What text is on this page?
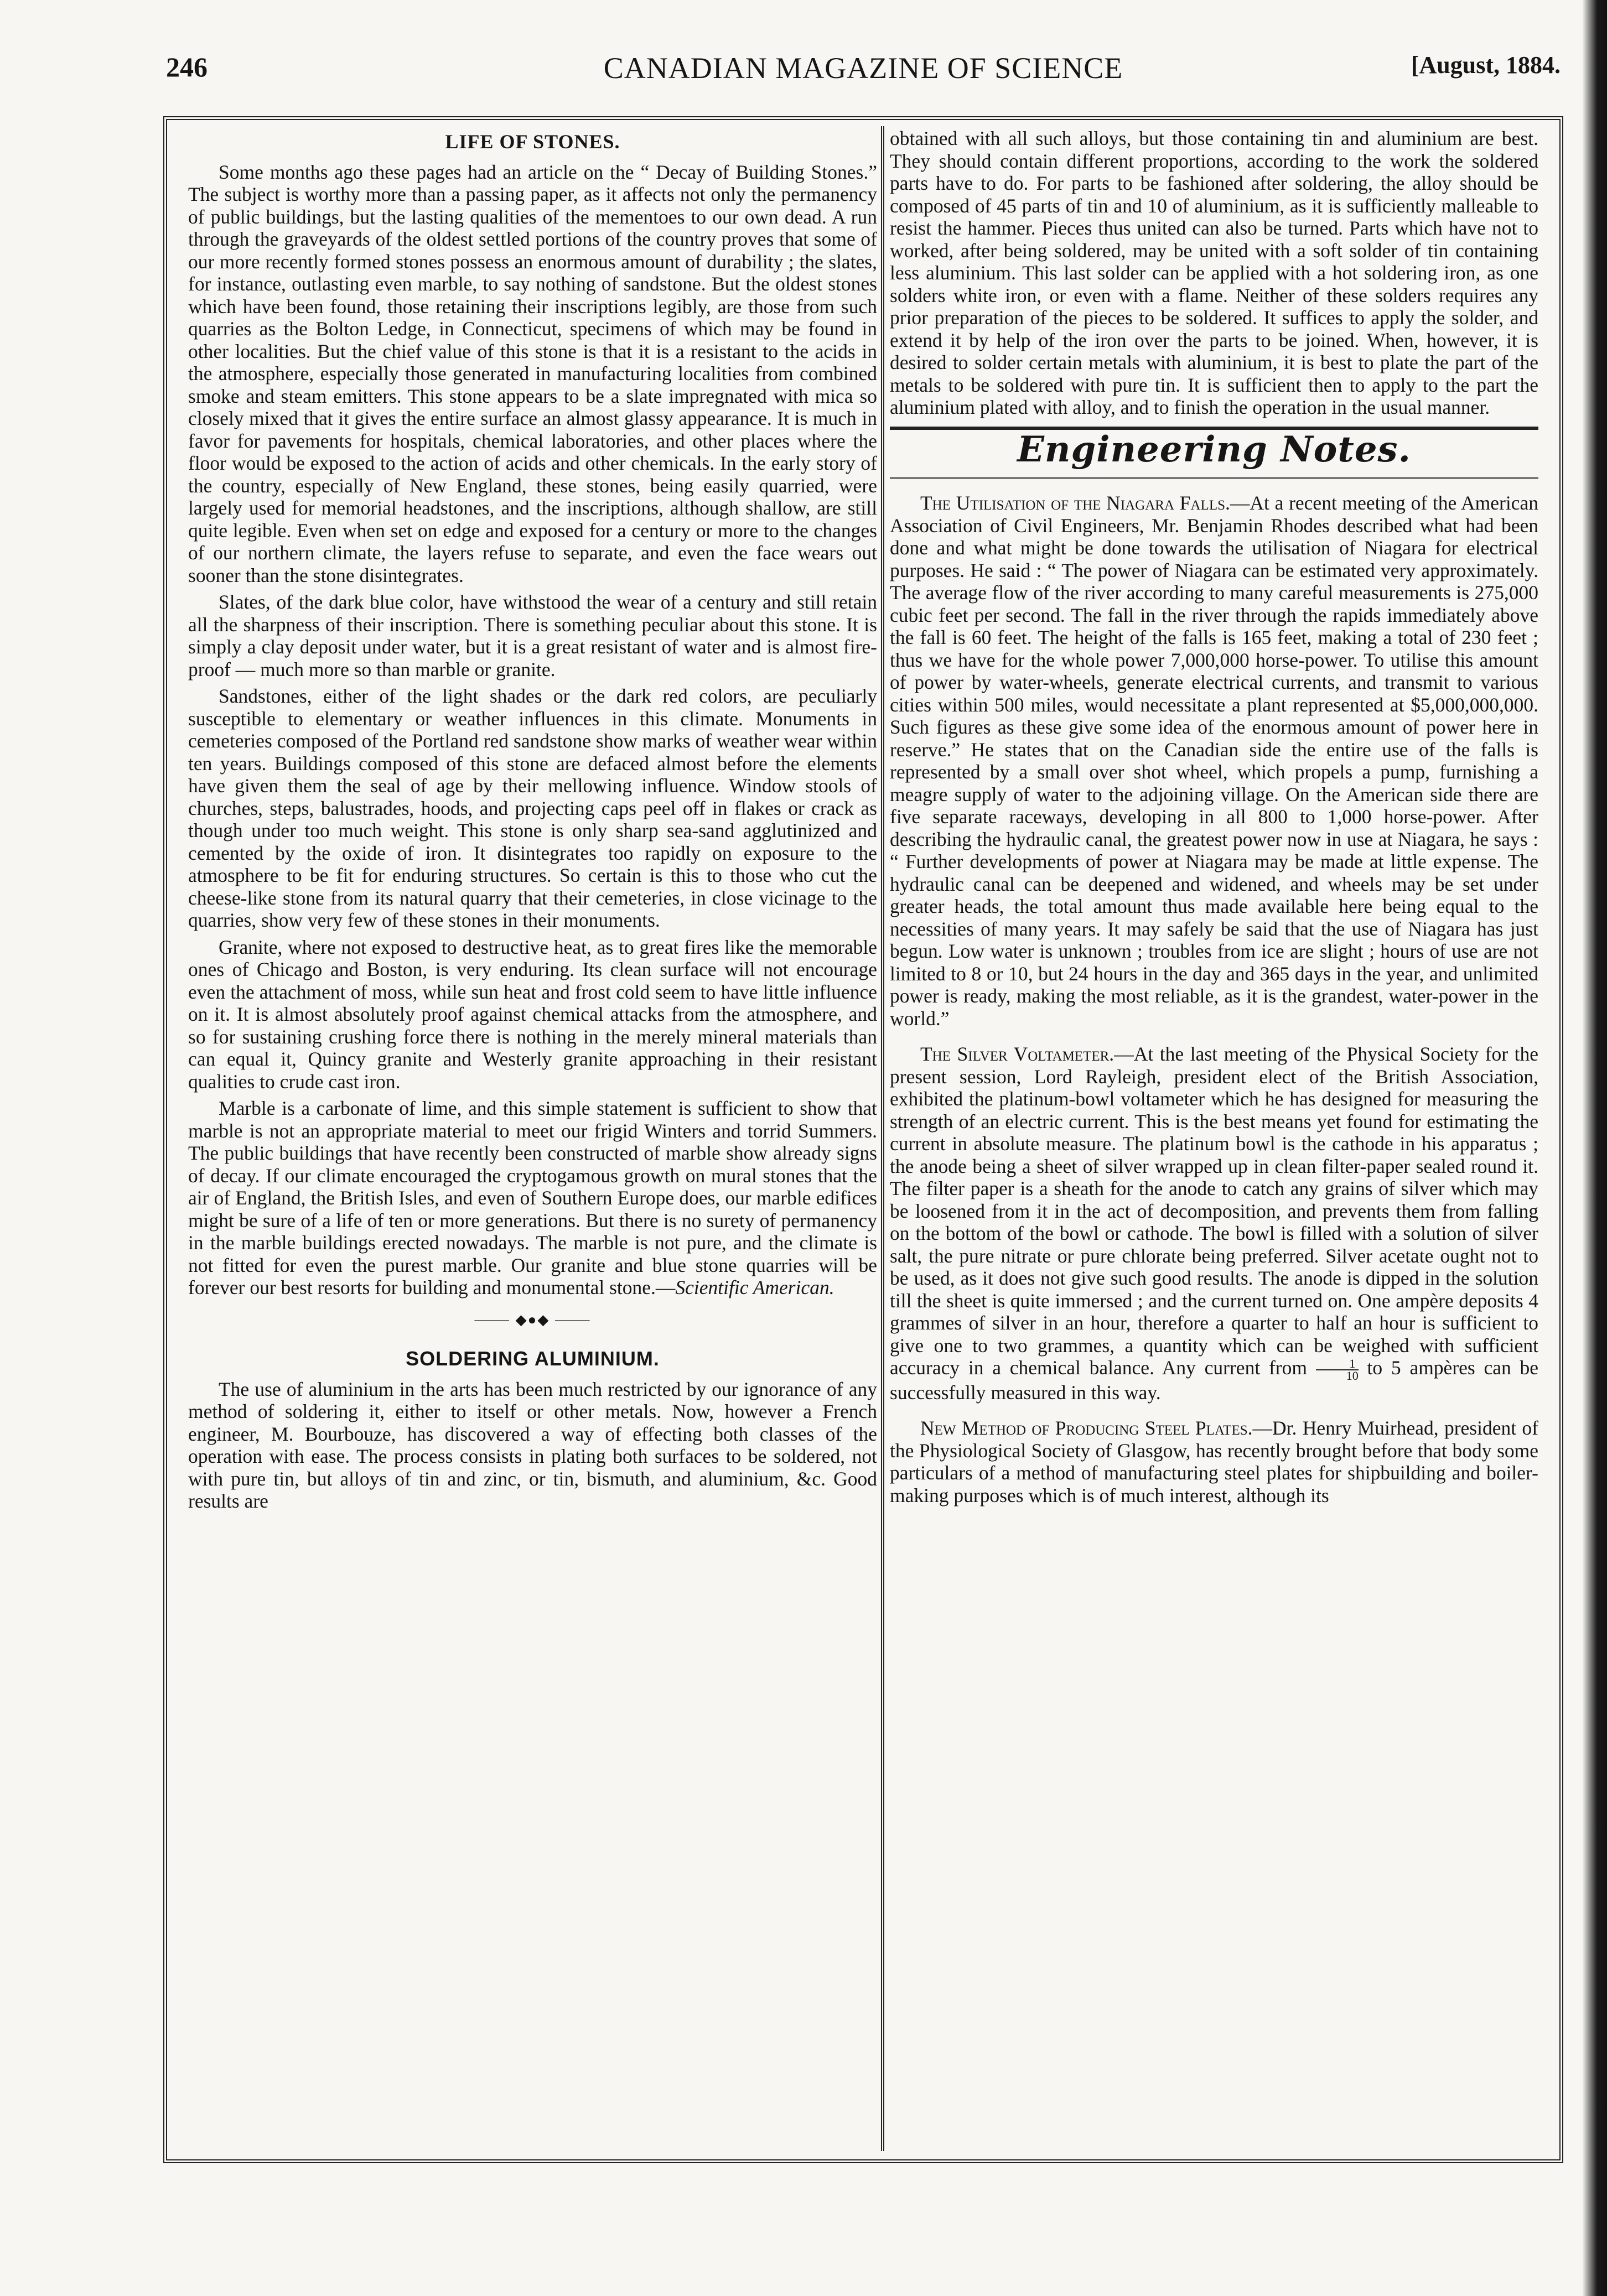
246	CANADIAN MAGAZINE OF SCIENCE	[August, 1884.
LIFE OF STONES.

Some months ago these pages had an article on the “ Decay of Building Stones.” The subject is worthy more than a passing paper, as it affects not only the permanency of public buildings, but the lasting qualities of the mementoes to our own dead. A run through the graveyards of the oldest settled portions of the country proves that some of our more recently formed stones possess an enormous amount of durability ; the slates, for instance, outlasting even marble, to say nothing of sandstone. But the oldest stones which have been found, those retaining their inscriptions legibly, are those from such quarries as the Bolton Ledge, in Connecticut, specimens of which may be found in other localities. But the chief value of this stone is that it is a resistant to the acids in the atmosphere, especially those generated in manufacturing localities from combined smoke and steam emitters. This stone appears to be a slate impregnated with mica so closely mixed that it gives the entire surface an almost glassy appearance. It is much in favor for pavements for hospitals, chemical laboratories, and other places where the floor would be exposed to the action of acids and other chemicals. In the early story of the country, especially of New England, these stones, being easily quarried, were largely used for memorial headstones, and the inscriptions, although shallow, are still quite legible. Even when set on edge and exposed for a century or more to the changes of our northern climate, the layers refuse to separate, and even the face wears out sooner than the stone disintegrates.

Slates, of the dark blue color, have withstood the wear of a century and still retain all the sharpness of their inscription. There is something peculiar about this stone. It is simply a clay deposit under water, but it is a great resistant of water and is almost fire-proof — much more so than marble or granite.

Sandstones, either of the light shades or the dark red colors, are peculiarly susceptible to elementary or weather influences in this climate. Monuments in cemeteries composed of the Portland red sandstone show marks of weather wear within ten years. Buildings composed of this stone are defaced almost before the elements have given them the seal of age by their mellowing influence. Window stools of churches, steps, balustrades, hoods, and projecting caps peel off in flakes or crack as though under too much weight. This stone is only sharp sea-sand agglutinized and cemented by the oxide of iron. It disintegrates too rapidly on exposure to the atmosphere to be fit for enduring structures. So certain is this to those who cut the cheese-like stone from its natural quarry that their cemeteries, in close vicinage to the quarries, show very few of these stones in their monuments.

Granite, where not exposed to destructive heat, as to great fires like the memorable ones of Chicago and Boston, is very enduring. Its clean surface will not encourage even the attachment of moss, while sun heat and frost cold seem to have little influence on it. It is almost absolutely proof against chemical attacks from the atmosphere, and so for sustaining crushing force there is nothing in the merely mineral materials than can equal it, Quincy granite and Westerly granite approaching in their resistant qualities to crude cast iron.

Marble is a carbonate of lime, and this simple statement is sufficient to show that marble is not an appropriate material to meet our frigid Winters and torrid Summers. The public buildings that have recently been constructed of marble show already signs of decay. If our climate encouraged the cryptogamous growth on mural stones that the air of England, the British Isles, and even of Southern Europe does, our marble edifices might be sure of a life of ten or more generations. But there is no surety of permanency in the marble buildings erected nowadays. The marble is not pure, and the climate is not fitted for even the purest marble. Our granite and blue stone quarries will be forever our best resorts for building and monumental stone.—Scientific American.

⸻ ◆●◆ ⸻
SOLDERING ALUMINIUM.

The use of aluminium in the arts has been much restricted by our ignorance of any method of soldering it, either to itself or other metals. Now, however a French engineer, M. Bourbouze, has discovered a way of effecting both classes of the operation with ease. The process consists in plating both surfaces to be soldered, not with pure tin, but alloys of tin and zinc, or tin, bismuth, and aluminium, &c. Good results are

obtained with all such alloys, but those containing tin and aluminium are best. They should contain different proportions, according to the work the soldered parts have to do. For parts to be fashioned after soldering, the alloy should be composed of 45 parts of tin and 10 of aluminium, as it is sufficiently malleable to resist the hammer. Pieces thus united can also be turned. Parts which have not to worked, after being soldered, may be united with a soft solder of tin containing less aluminium. This last solder can be applied with a hot soldering iron, as one solders white iron, or even with a flame. Neither of these solders requires any prior preparation of the pieces to be soldered. It suffices to apply the solder, and extend it by help of the iron over the parts to be joined. When, however, it is desired to solder certain metals with aluminium, it is best to plate the part of the metals to be soldered with pure tin. It is sufficient then to apply to the part the aluminium plated with alloy, and to finish the operation in the usual manner.

Engineering Notes.

The Utilisation of the Niagara Falls.—At a recent meeting of the American Association of Civil Engineers, Mr. Benjamin Rhodes described what had been done and what might be done towards the utilisation of Niagara for electrical purposes. He said : “ The power of Niagara can be estimated very approximately. The average flow of the river according to many careful measurements is 275,000 cubic feet per second. The fall in the river through the rapids immediately above the fall is 60 feet. The height of the falls is 165 feet, making a total of 230 feet ; thus we have for the whole power 7,000,000 horse-power. To utilise this amount of power by water-wheels, generate electrical currents, and transmit to various cities within 500 miles, would necessitate a plant represented at $5,000,000,000. Such figures as these give some idea of the enormous amount of power here in reserve.” He states that on the Canadian side the entire use of the falls is represented by a small over shot wheel, which propels a pump, furnishing a meagre supply of water to the adjoining village. On the American side there are five separate raceways, developing in all 800 to 1,000 horse-power. After describing the hydraulic canal, the greatest power now in use at Niagara, he says : “ Further developments of power at Niagara may be made at little expense. The hydraulic canal can be deepened and widened, and wheels may be set under greater heads, the total amount thus made available here being equal to the necessities of many years. It may safely be said that the use of Niagara has just begun. Low water is unknown ; troubles from ice are slight ; hours of use are not limited to 8 or 10, but 24 hours in the day and 365 days in the year, and unlimited power is ready, making the most reliable, as it is the grandest, water-power in the world.”

The Silver Voltameter.—At the last meeting of the Physical Society for the present session, Lord Rayleigh, president elect of the British Association, exhibited the platinum-bowl voltameter which he has designed for measuring the strength of an electric current. This is the best means yet found for estimating the current in absolute measure. The platinum bowl is the cathode in his apparatus ; the anode being a sheet of silver wrapped up in clean filter-paper sealed round it. The filter paper is a sheath for the anode to catch any grains of silver which may be loosened from it in the act of decomposition, and prevents them from falling on the bottom of the bowl or cathode. The bowl is filled with a solution of silver salt, the pure nitrate or pure chlorate being preferred. Silver acetate ought not to be used, as it does not give such good results. The anode is dipped in the solution till the sheet is quite immersed ; and the current turned on. One ampère deposits 4 grammes of silver in an hour, therefore a quarter to half an hour is sufficient to give one to two grammes, a quantity which can be weighed with sufficient accuracy in a chemical balance. Any current from $\frac{1}{10}$ to 5 ampères can be successfully measured in this way.

New Method of Producing Steel Plates.—Dr. Henry Muirhead, president of the Physiological Society of Glasgow, has recently brought before that body some particulars of a method of manufacturing steel plates for shipbuilding and boiler-making purposes which is of much interest, although its
